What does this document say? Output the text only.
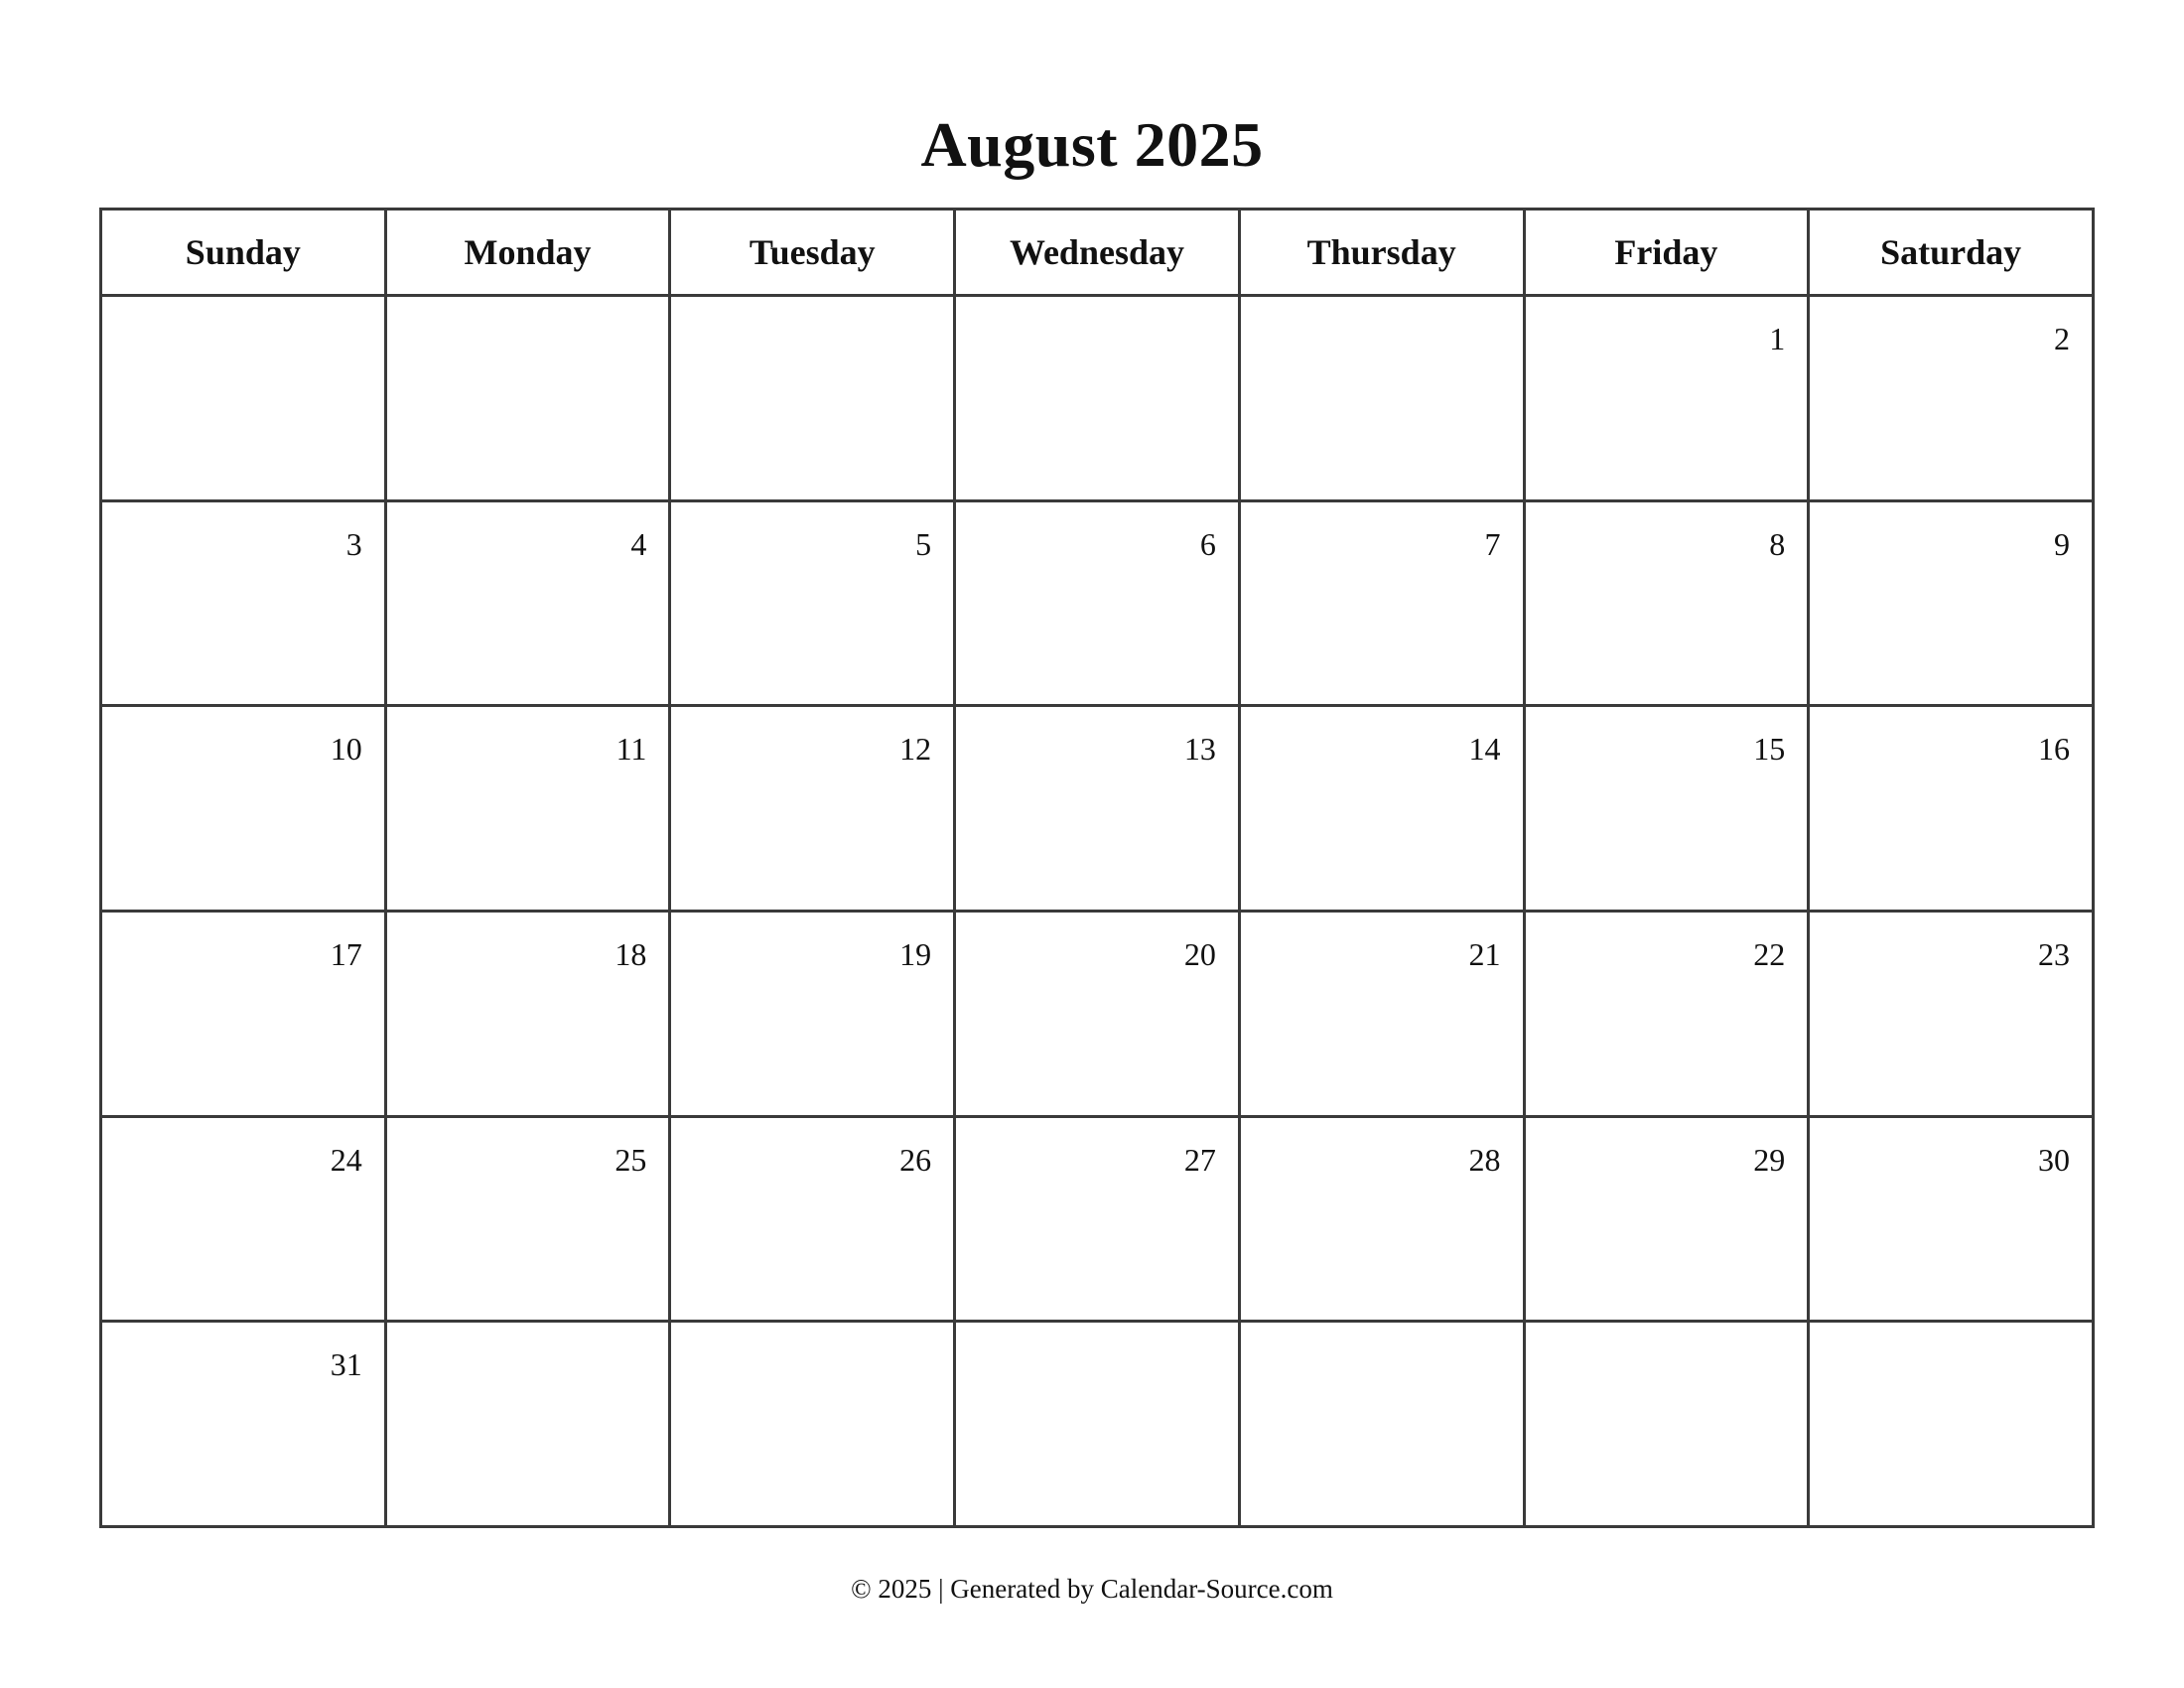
August 2025
Sunday	Monday	Tuesday	Wednesday	Thursday	Friday	Saturday

					1	2

3	4	5	6	7	8	9

10	11	12	13	14	15	16

17	18	19	20	21	22	23

24	25	26	27	28	29	30

31						

© 2025 | Generated by Calendar-Source.com
